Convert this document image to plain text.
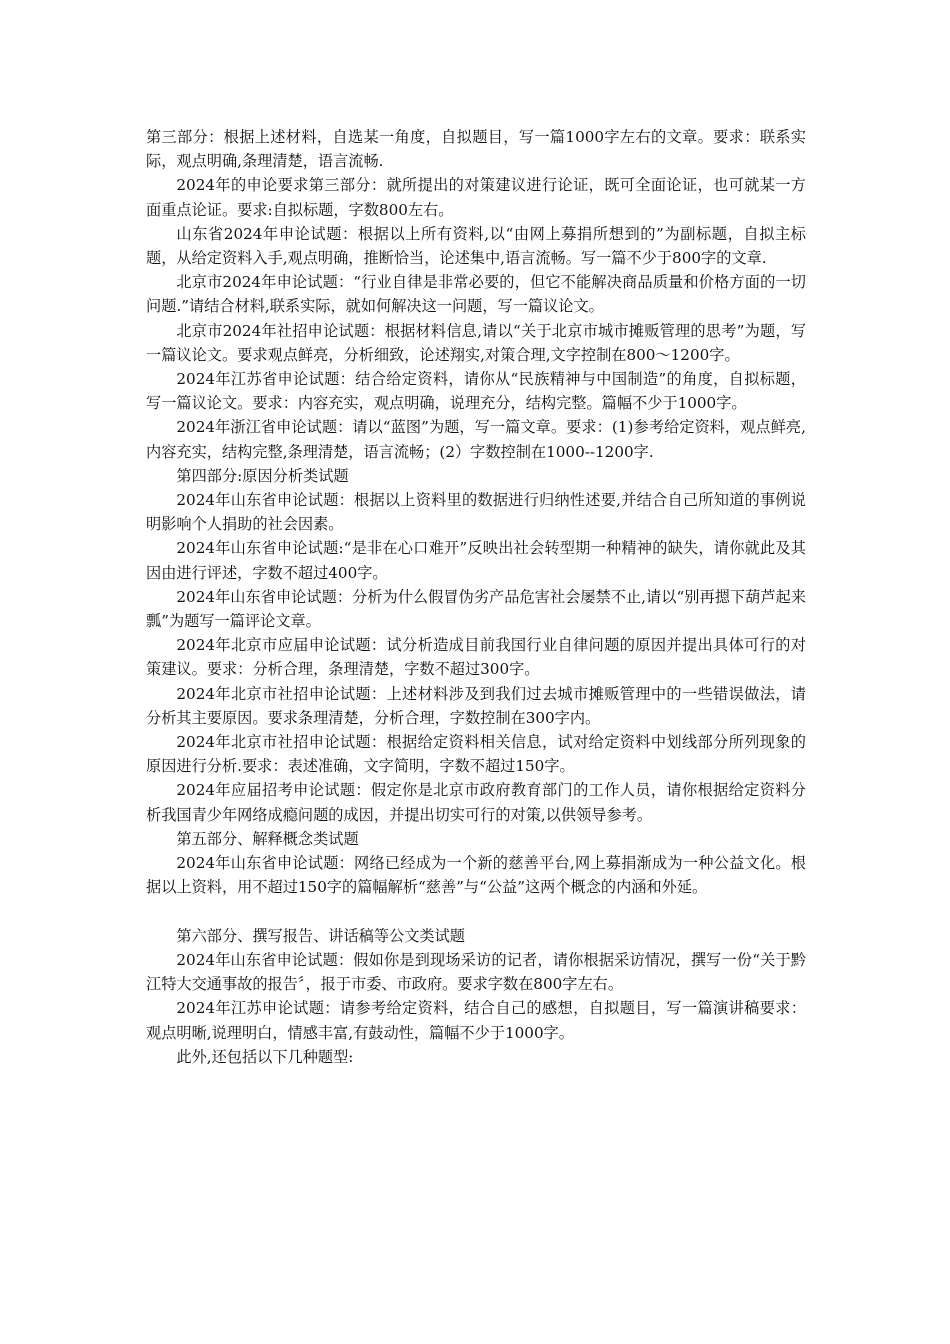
第三部分：根据上述材料，自选某一角度，自拟题目，写一篇1000字左右的文章。要求：联系实际，观点明确,条理清楚，语言流畅.

2024年的申论要求第三部分：就所提出的对策建议进行论证，既可全面论证，也可就某一方面重点论证。要求:自拟标题，字数800左右。

山东省2024年申论试题：根据以上所有资料,以“由网上募捐所想到的”为副标题，自拟主标题，从给定资料入手,观点明确，推断恰当，论述集中,语言流畅。写一篇不少于800字的文章.

北京市2024年申论试题：“行业自律是非常必要的，但它不能解决商品质量和价格方面的一切问题.”请结合材料,联系实际，就如何解决这一问题，写一篇议论文。

北京市2024年社招申论试题：根据材料信息,请以“关于北京市城市摊贩管理的思考”为题，写一篇议论文。要求观点鲜亮，分析细致，论述翔实,对策合理,文字控制在800～1200字。

2024年江苏省申论试题：结合给定资料，请你从“民族精神与中国制造”的角度，自拟标题，写一篇议论文。要求：内容充实，观点明确，说理充分，结构完整。篇幅不少于1000字。

2024年浙江省申论试题：请以“蓝图”为题，写一篇文章。要求：(1)参考给定资料，观点鲜亮,内容充实，结构完整,条理清楚，语言流畅；(2）字数控制在1000--1200字.

第四部分:原因分析类试题

2024年山东省申论试题：根据以上资料里的数据进行归纳性述要,并结合自己所知道的事例说明影响个人捐助的社会因素。

2024年山东省申论试题:“是非在心口难开”反映出社会转型期一种精神的缺失，请你就此及其因由进行评述，字数不超过400字。

2024年山东省申论试题：分析为什么假冒伪劣产品危害社会屡禁不止,请以“别再摁下葫芦起来瓢”为题写一篇评论文章。

2024年北京市应届申论试题：试分析造成目前我国行业自律问题的原因并提出具体可行的对策建议。要求：分析合理，条理清楚，字数不超过300字。

2024年北京市社招申论试题：上述材料涉及到我们过去城市摊贩管理中的一些错误做法，请分析其主要原因。要求条理清楚，分析合理，字数控制在300字内。

2024年北京市社招申论试题：根据给定资料相关信息，试对给定资料中划线部分所列现象的原因进行分析.要求：表述准确，文字简明，字数不超过150字。

2024年应届招考申论试题：假定你是北京市政府教育部门的工作人员，请你根据给定资料分析我国青少年网络成瘾问题的成因，并提出切实可行的对策,以供领导参考。

第五部分、解释概念类试题

2024年山东省申论试题：网络已经成为一个新的慈善平台,网上募捐渐成为一种公益文化。根据以上资料，用不超过150字的篇幅解析“慈善”与“公益”这两个概念的内涵和外延。

第六部分、撰写报告、讲话稿等公文类试题

2024年山东省申论试题：假如你是到现场采访的记者，请你根据采访情况，撰写一份“关于黔江特大交通事故的报告〞，报于市委、市政府。要求字数在800字左右。

2024年江苏申论试题：请参考给定资料，结合自己的感想，自拟题目，写一篇演讲稿要求：观点明晰,说理明白，情感丰富,有鼓动性，篇幅不少于1000字。

此外,还包括以下几种题型:
